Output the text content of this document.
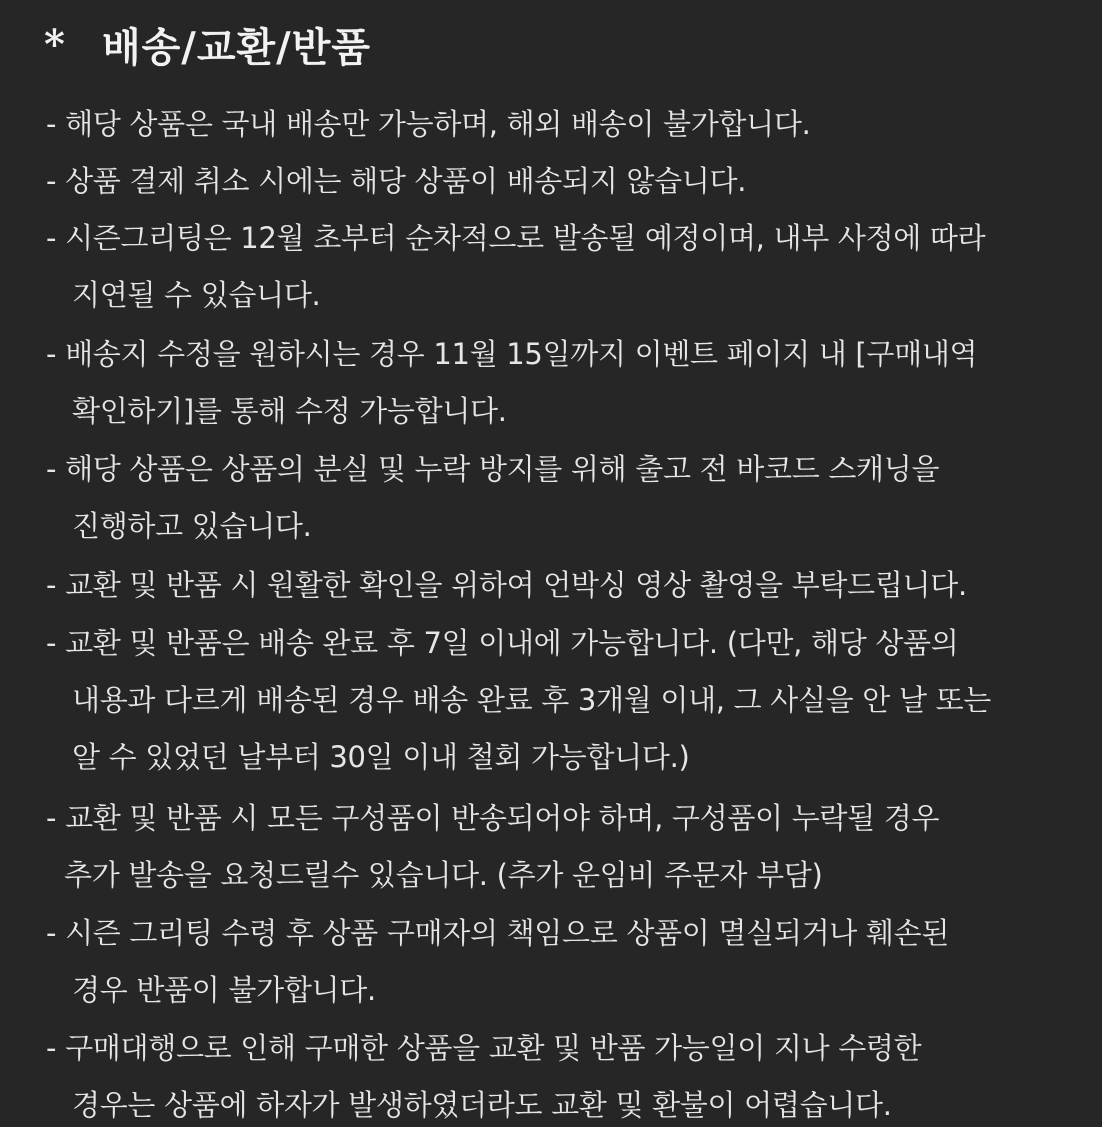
* 배송/교환/반품
- 해당 상품은 국내 배송만 가능하며, 해외 배송이 불가합니다.
- 상품 결제 취소 시에는 해당 상품이 배송되지 않습니다.
- 시즌그리팅은 12월 초부터 순차적으로 발송될 예정이며, 내부 사정에 따라
지연될 수 있습니다.
- 배송지 수정을 원하시는 경우 11월 15일까지 이벤트 페이지 내 [구매내역
확인하기]를 통해 수정 가능합니다.
- 해당 상품은 상품의 분실 및 누락 방지를 위해 출고 전 바코드 스캐닝을
진행하고 있습니다.
- 교환 및 반품 시 원활한 확인을 위하여 언박싱 영상 촬영을 부탁드립니다.
- 교환 및 반품은 배송 완료 후 7일 이내에 가능합니다. (다만, 해당 상품의
내용과 다르게 배송된 경우 배송 완료 후 3개월 이내, 그 사실을 안 날 또는
알 수 있었던 날부터 30일 이내 철회 가능합니다.)
- 교환 및 반품 시 모든 구성품이 반송되어야 하며, 구성품이 누락될 경우
추가 발송을 요청드릴수 있습니다. (추가 운임비 주문자 부담)
- 시즌 그리팅 수령 후 상품 구매자의 책임으로 상품이 멸실되거나 훼손된
경우 반품이 불가합니다.
- 구매대행으로 인해 구매한 상품을 교환 및 반품 가능일이 지나 수령한
경우는 상품에 하자가 발생하였더라도 교환 및 환불이 어렵습니다.
